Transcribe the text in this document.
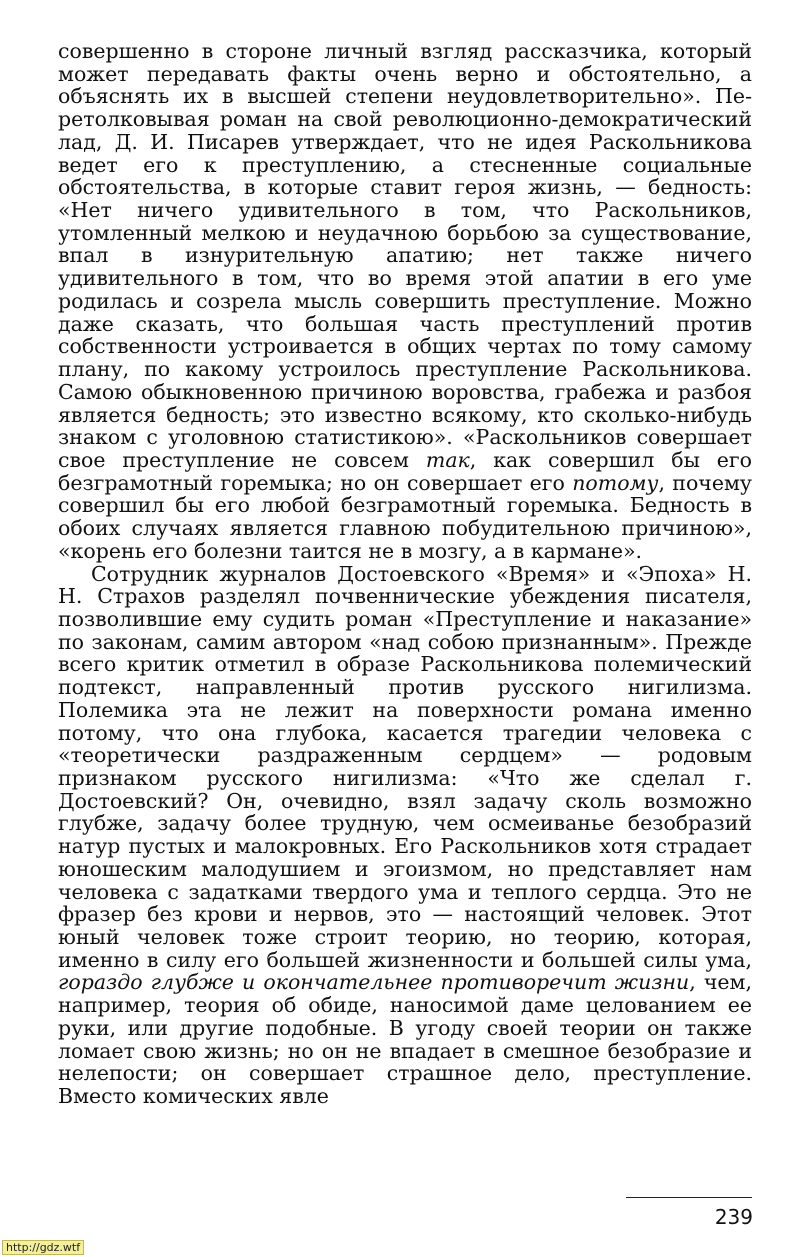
совершенно в стороне личный взгляд рассказчика, который может передавать факты очень верно и обстоятельно, а объяснять их в высшей степени неудовлетворительно». Перетолковывая роман на свой революционно-демократический лад, Д. И. Писарев утверждает, что не идея Раскольникова ведет его к преступлению, а стесненные социальные обстоятельства, в которые ставит героя жизнь, — бедность: «Нет ничего удивительного в том, что Раскольников, утомленный мелкою и неудачною борьбою за существование, впал в изнурительную апатию; нет также ничего удивительного в том, что во время этой апатии в его уме родилась и созрела мысль совершить преступление. Можно даже сказать, что большая часть преступлений против собственности устроивается в общих чертах по тому самому плану, по какому устроилось преступление Раскольникова. Самою обыкновенною причиною воровства, грабежа и разбоя является бедность; это известно всякому, кто сколько-нибудь знаком с уголовною статистикою». «Раскольников совершает свое преступление не совсем так, как совершил бы его безграмотный горемыка; но он совершает его потому, почему совершил бы его любой безграмотный горемыка. Бедность в обоих случаях является главною побудительною причиною», «корень его болезни таится не в мозгу, а в кармане».

Сотрудник журналов Достоевского «Время» и «Эпоха» Н. Н. Страхов разделял почвеннические убеждения писателя, позволившие ему судить роман «Преступление и наказание» по законам, самим автором «над собою признанным». Прежде всего критик отметил в образе Раскольникова полемический подтекст, направленный против русского нигилизма. Полемика эта не лежит на поверхности романа именно потому, что она глубока, касается трагедии человека с «теоретически раздраженным сердцем» — родовым признаком русского нигилизма: «Что же сделал г. Достоевский? Он, очевидно, взял задачу сколь возможно глубже, задачу более трудную, чем осмеиванье безобразий натур пустых и малокровных. Его Раскольников хотя страдает юношеским малодушием и эгоизмом, но представляет нам человека с задатками твердого ума и теплого сердца. Это не фразер без крови и нервов, это — настоящий человек. Этот юный человек тоже строит теорию, но теорию, которая, именно в силу его большей жизненности и большей силы ума, гораздо глубже и окончательнее противоречит жизни, чем, например, теория об обиде, наносимой даме целованием ее руки, или другие подобные. В угоду своей теории он также ломает свою жизнь; но он не впадает в смешное безобразие и нелепости; он совершает страшное дело, преступление. Вместо комических явле

239
http://gdz.wtf
